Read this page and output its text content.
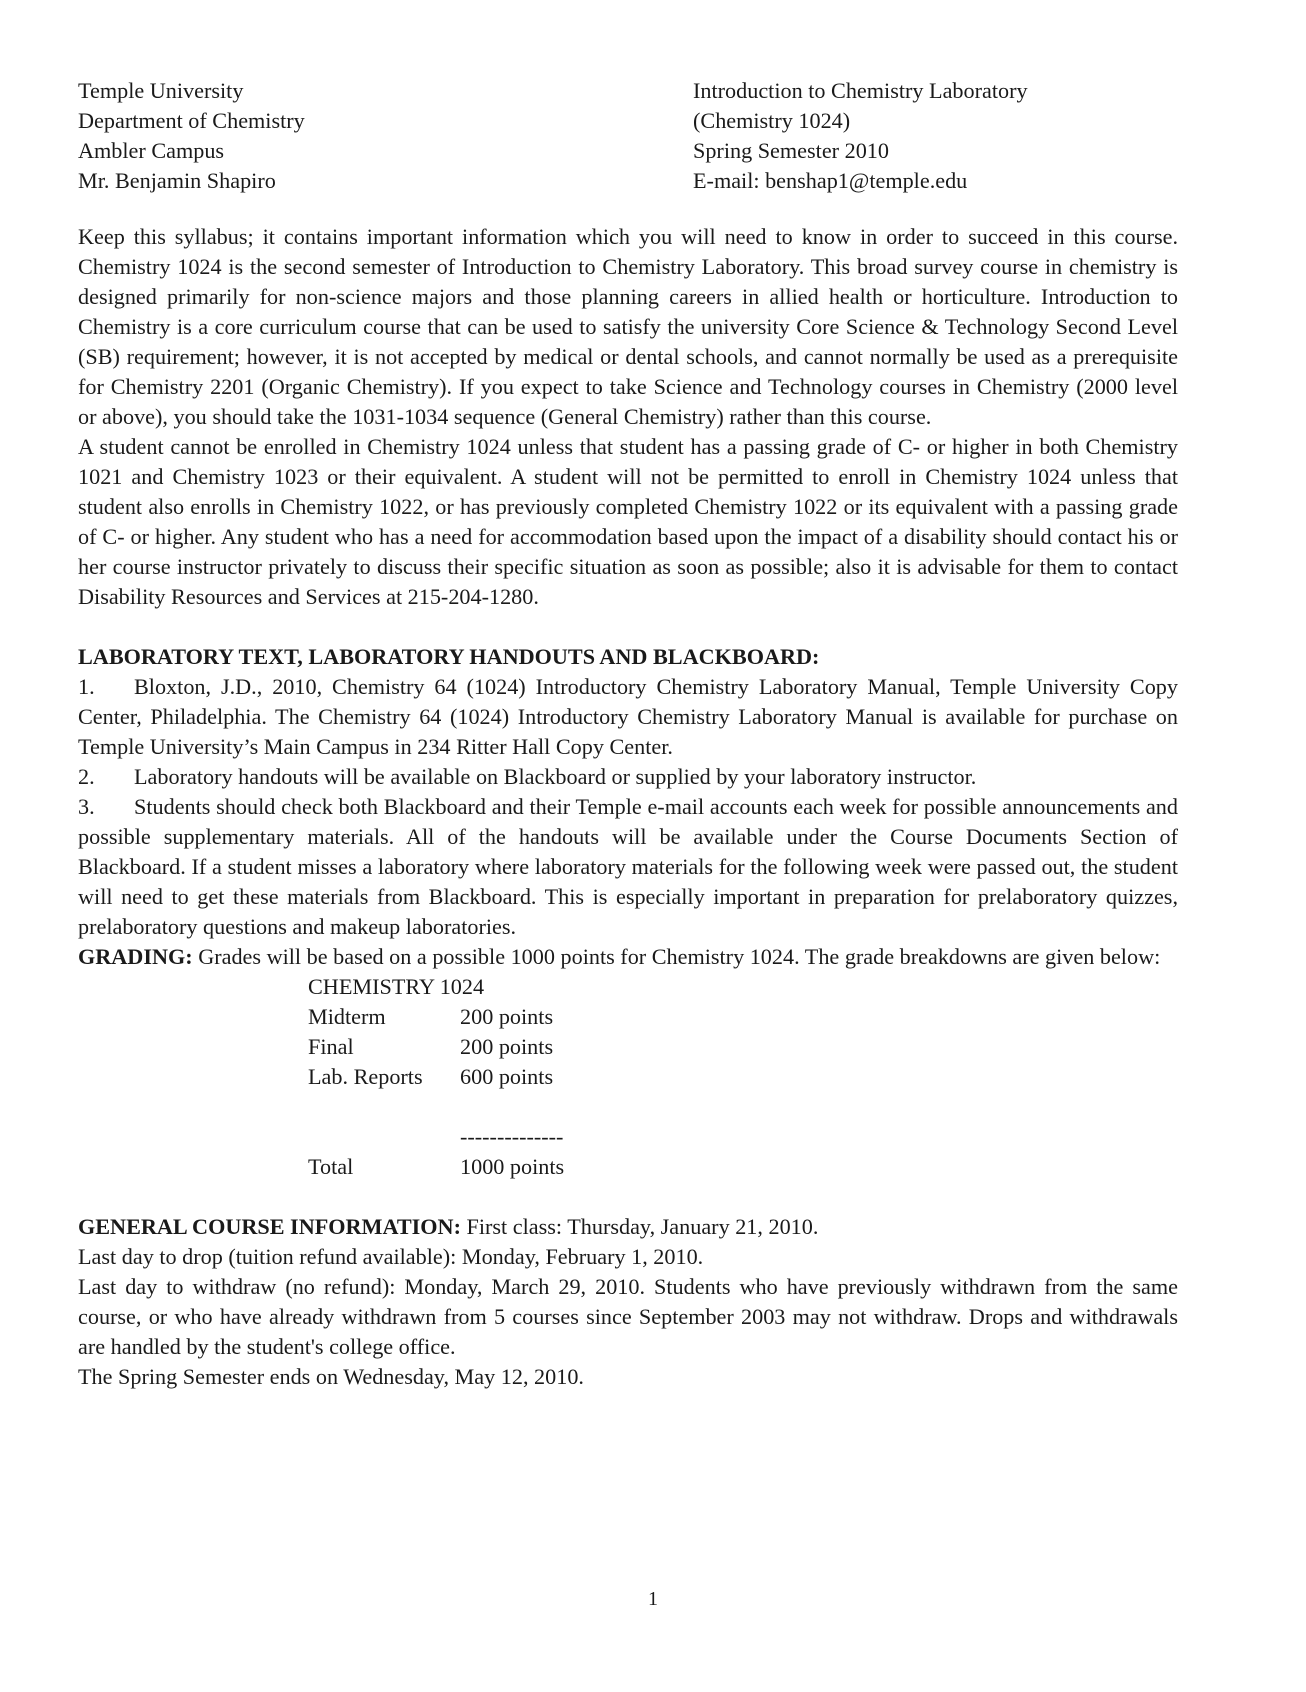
Temple University
Department of Chemistry
Ambler Campus
Mr. Benjamin Shapiro
Introduction to Chemistry Laboratory
(Chemistry 1024)
Spring Semester 2010
E-mail: benshap1@temple.edu

Keep this syllabus; it contains important information which you will need to know in order to succeed in this course. Chemistry 1024 is the second semester of Introduction to Chemistry Laboratory. This broad survey course in chemistry is designed primarily for non-science majors and those planning careers in allied health or horticulture. Introduction to Chemistry is a core curriculum course that can be used to satisfy the university Core Science & Technology Second Level (SB) requirement; however, it is not accepted by medical or dental schools, and cannot normally be used as a prerequisite for Chemistry 2201 (Organic Chemistry). If you expect to take Science and Technology courses in Chemistry (2000 level or above), you should take the 1031-1034 sequence (General Chemistry) rather than this course.

A student cannot be enrolled in Chemistry 1024 unless that student has a passing grade of C- or higher in both Chemistry 1021 and Chemistry 1023 or their equivalent. A student will not be permitted to enroll in Chemistry 1024 unless that student also enrolls in Chemistry 1022, or has previously completed Chemistry 1022 or its equivalent with a passing grade of C- or higher. Any student who has a need for accommodation based upon the impact of a disability should contact his or her course instructor privately to discuss their specific situation as soon as possible; also it is advisable for them to contact Disability Resources and Services at 215-204-1280.

LABORATORY TEXT, LABORATORY HANDOUTS AND BLACKBOARD:

1. Bloxton, J.D., 2010, Chemistry 64 (1024) Introductory Chemistry Laboratory Manual, Temple University Copy Center, Philadelphia. The Chemistry 64 (1024) Introductory Chemistry Laboratory Manual is available for purchase on Temple University’s Main Campus in 234 Ritter Hall Copy Center.

2. Laboratory handouts will be available on Blackboard or supplied by your laboratory instructor.

3. Students should check both Blackboard and their Temple e-mail accounts each week for possible announcements and possible supplementary materials. All of the handouts will be available under the Course Documents Section of Blackboard. If a student misses a laboratory where laboratory materials for the following week were passed out, the student will need to get these materials from Blackboard. This is especially important in preparation for prelaboratory quizzes, prelaboratory questions and makeup laboratories.

GRADING: Grades will be based on a possible 1000 points for Chemistry 1024. The grade breakdowns are given below:

CHEMISTRY 1024
Midterm	200 points
Final	200 points
Lab. Reports 600 points
--------------
Total	1000 points

GENERAL COURSE INFORMATION: First class: Thursday, January 21, 2010.

Last day to drop (tuition refund available): Monday, February 1, 2010.

Last day to withdraw (no refund): Monday, March 29, 2010. Students who have previously withdrawn from the same course, or who have already withdrawn from 5 courses since September 2003 may not withdraw. Drops and withdrawals are handled by the student's college office.

The Spring Semester ends on Wednesday, May 12, 2010.

1
